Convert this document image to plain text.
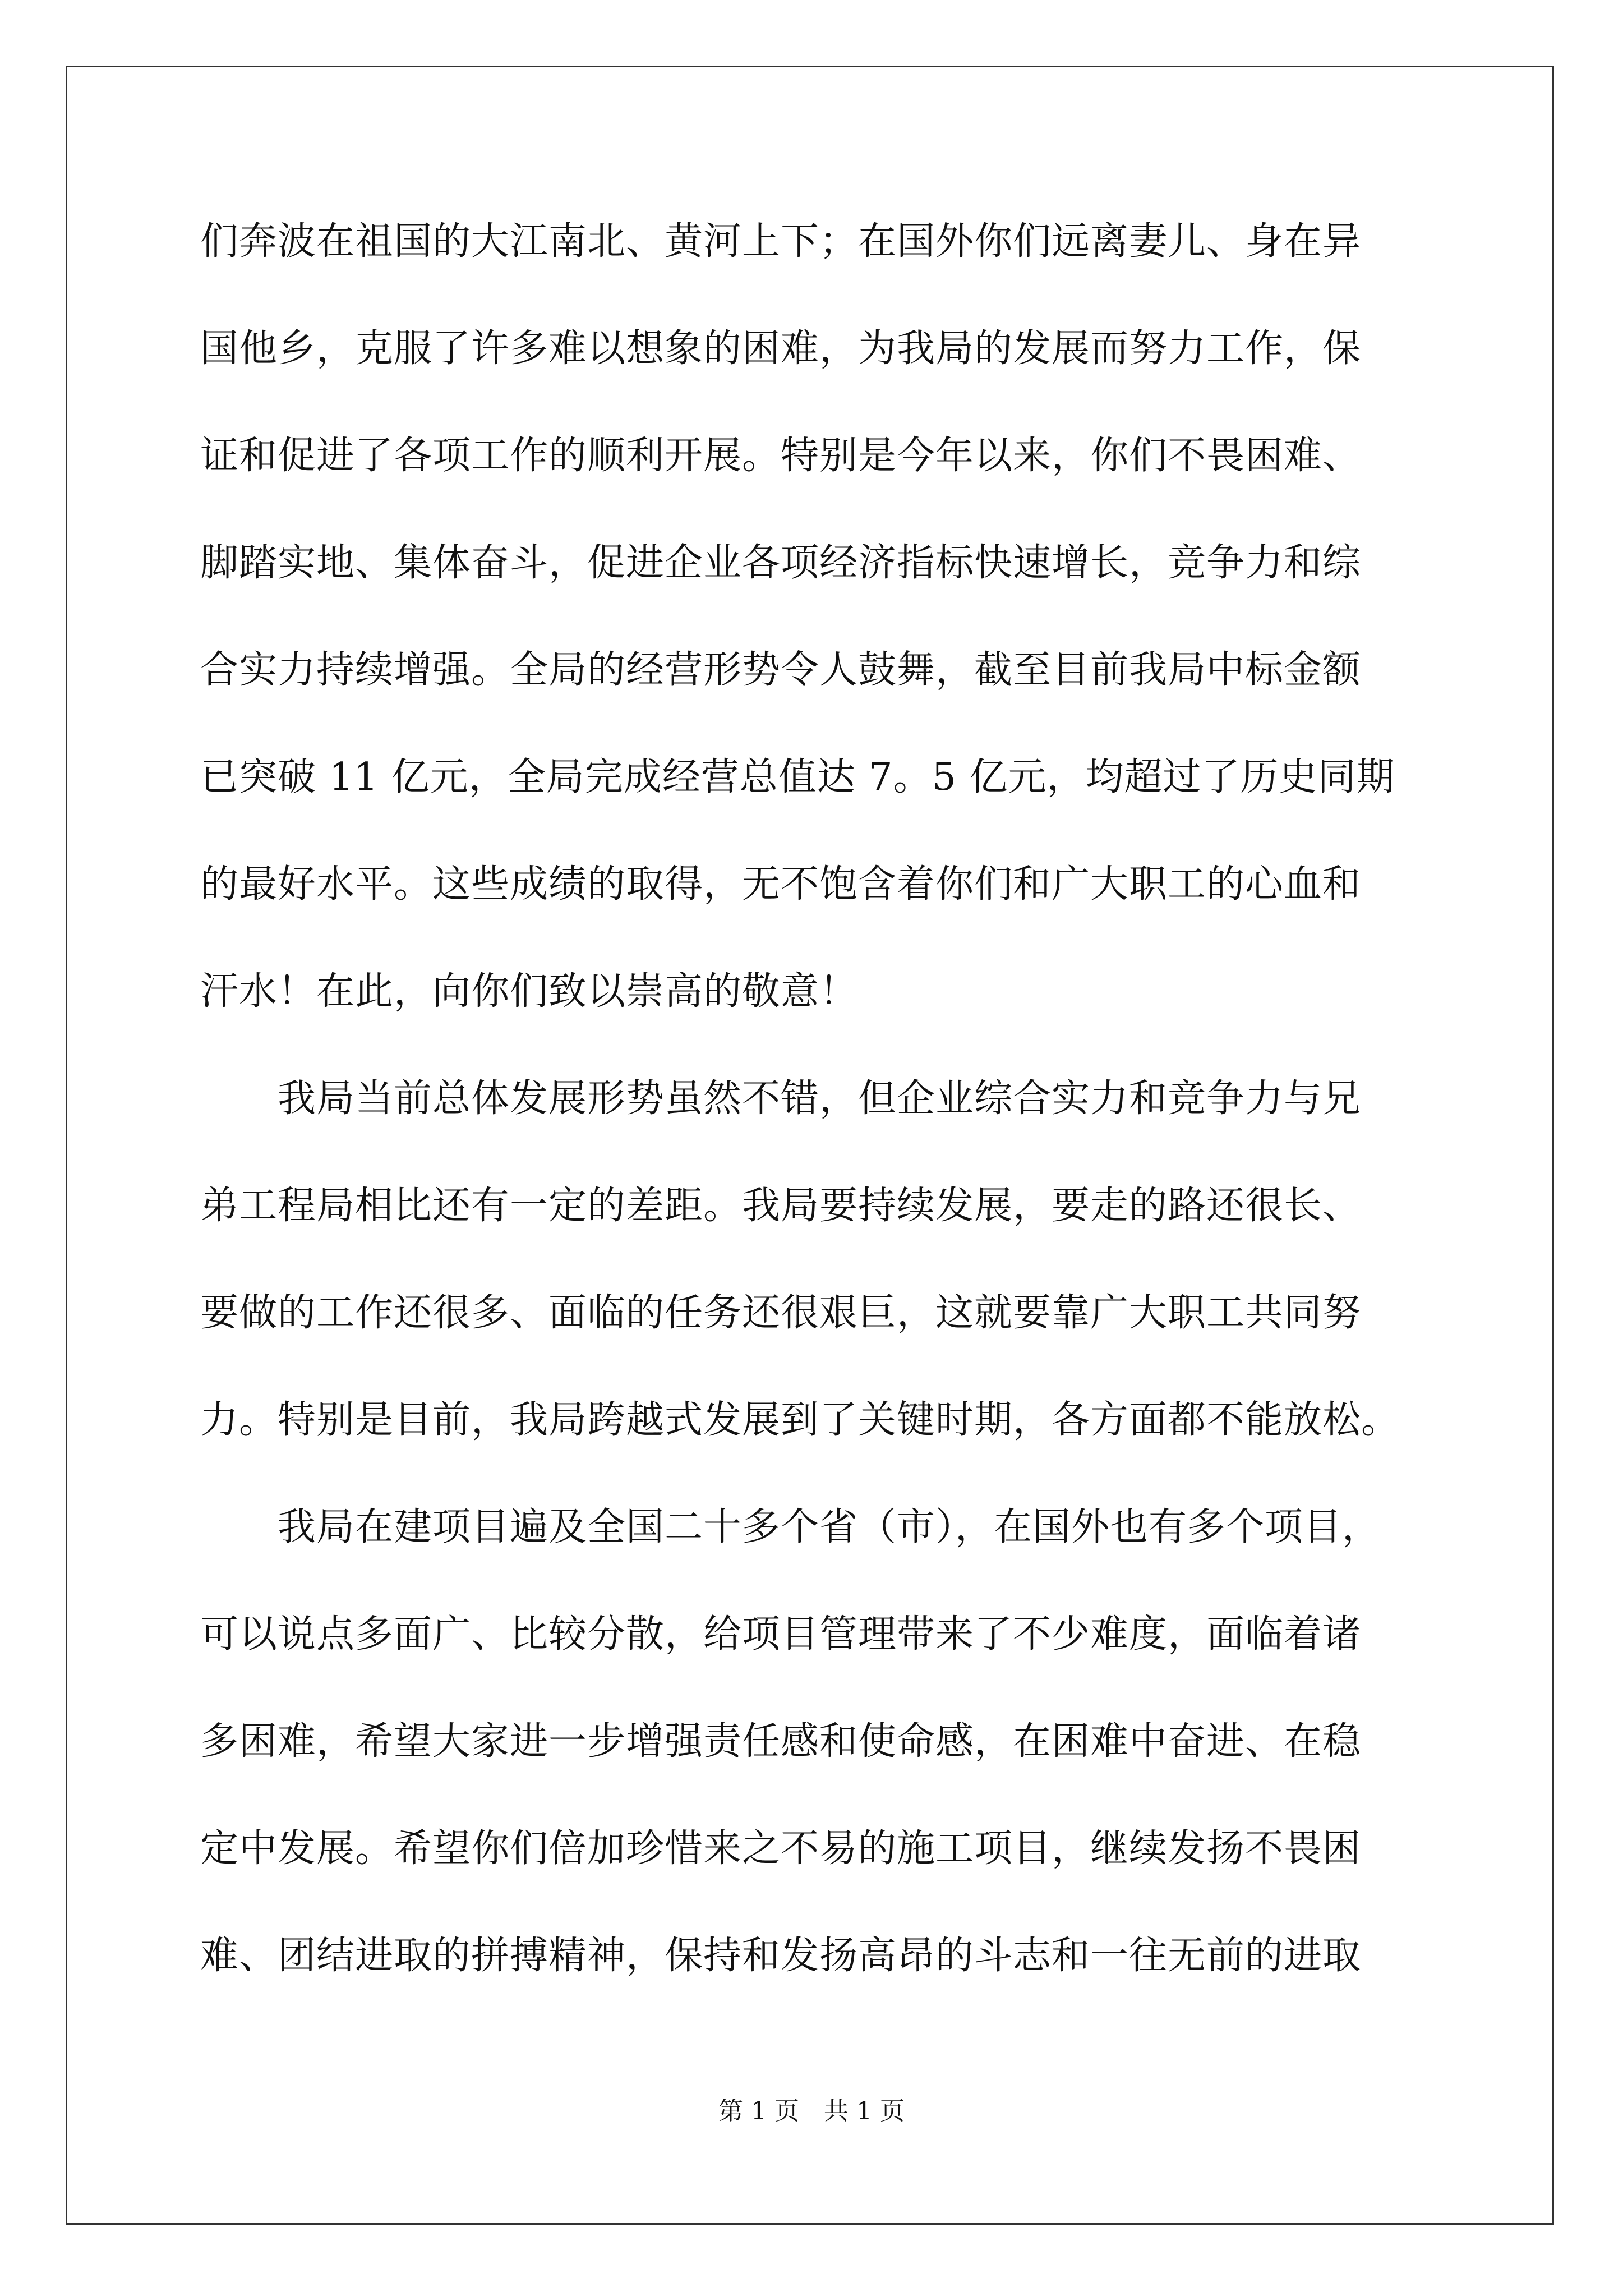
们奔波在祖国的大江南北、黄河上下；在国外你们远离妻儿、身在异
国他乡，克服了许多难以想象的困难，为我局的发展而努力工作，保
证和促进了各项工作的顺利开展。特别是今年以来，你们不畏困难、
脚踏实地、集体奋斗，促进企业各项经济指标快速增长，竞争力和综
合实力持续增强。全局的经营形势令人鼓舞，截至目前我局中标金额
已突破 11 亿元，全局完成经营总值达 7。5 亿元，均超过了历史同期
的最好水平。这些成绩的取得，无不饱含着你们和广大职工的心血和
汗水！在此，向你们致以崇高的敬意！
　　我局当前总体发展形势虽然不错，但企业综合实力和竞争力与兄
弟工程局相比还有一定的差距。我局要持续发展，要走的路还很长、
要做的工作还很多、面临的任务还很艰巨，这就要靠广大职工共同努
力。特别是目前，我局跨越式发展到了关键时期，各方面都不能放松。
　　我局在建项目遍及全国二十多个省（市），在国外也有多个项目，
可以说点多面广、比较分散，给项目管理带来了不少难度，面临着诸
多困难，希望大家进一步增强责任感和使命感，在困难中奋进、在稳
定中发展。希望你们倍加珍惜来之不易的施工项目，继续发扬不畏困
难、团结进取的拼搏精神，保持和发扬高昂的斗志和一往无前的进取
第 1 页　共 1 页
